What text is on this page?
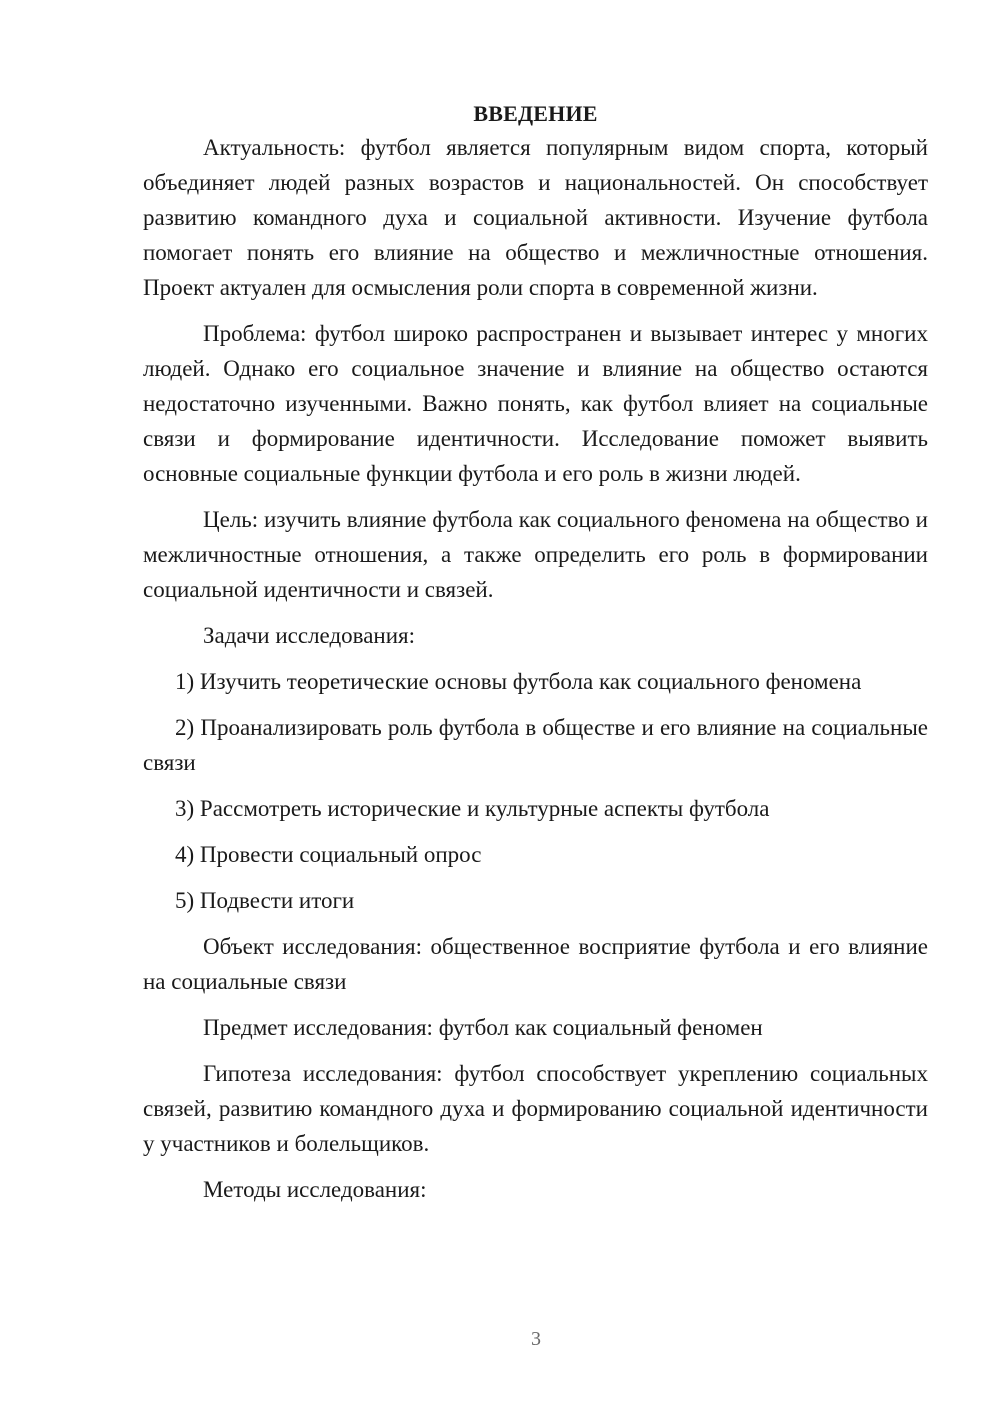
ВВЕДЕНИЕ

Актуальность: футбол является популярным видом спорта, который объединяет людей разных возрастов и национальностей. Он способствует развитию командного духа и социальной активности. Изучение футбола помогает понять его влияние на общество и межличностные отношения. Проект актуален для осмысления роли спорта в современной жизни.

Проблема: футбол широко распространен и вызывает интерес у многих людей. Однако его социальное значение и влияние на общество остаются недостаточно изученными. Важно понять, как футбол влияет на социальные связи и формирование идентичности. Исследование поможет выявить основные социальные функции футбола и его роль в жизни людей.

Цель: изучить влияние футбола как социального феномена на общество и межличностные отношения, а также определить его роль в формировании социальной идентичности и связей.

Задачи исследования:

1) Изучить теоретические основы футбола как социального феномена

2) Проанализировать роль футбола в обществе и его влияние на социальные связи

3) Рассмотреть исторические и культурные аспекты футбола

4) Провести социальный опрос

5) Подвести итоги

Объект исследования: общественное восприятие футбола и его влияние на социальные связи

Предмет исследования: футбол как социальный феномен

Гипотеза исследования: футбол способствует укреплению социальных связей, развитию командного духа и формированию социальной идентичности у участников и болельщиков.

Методы исследования:

3
